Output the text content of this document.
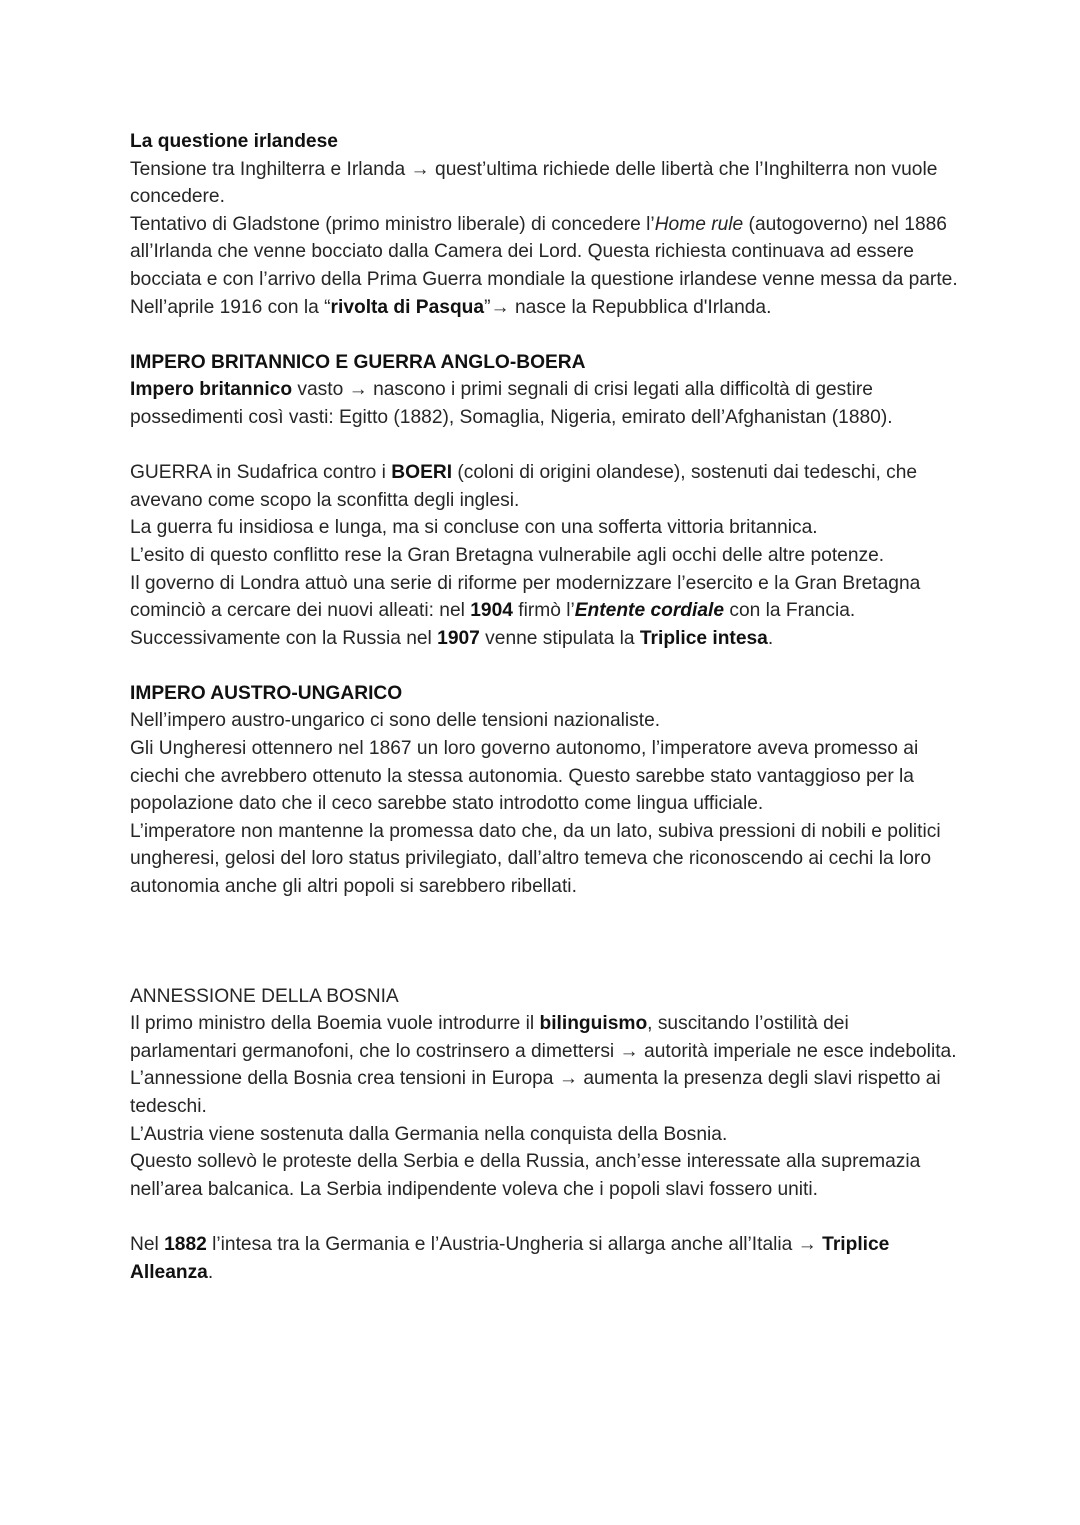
La questione irlandese

Tensione tra Inghilterra e Irlanda → quest’ultima richiede delle libertà che l’Inghilterra non vuole concedere.

Tentativo di Gladstone (primo ministro liberale) di concedere l’Home rule (autogoverno) nel 1886 all’Irlanda che venne bocciato dalla Camera dei Lord. Questa richiesta continuava ad essere bocciata e con l’arrivo della Prima Guerra mondiale la questione irlandese venne messa da parte.

Nell’aprile 1916 con la “rivolta di Pasqua”→ nasce la Repubblica d'Irlanda.

IMPERO BRITANNICO E GUERRA ANGLO-BOERA

Impero britannico vasto → nascono i primi segnali di crisi legati alla difficoltà di gestire possedimenti così vasti: Egitto (1882), Somaglia, Nigeria, emirato dell’Afghanistan (1880).

GUERRA in Sudafrica contro i BOERI (coloni di origini olandese), sostenuti dai tedeschi, che avevano come scopo la sconfitta degli inglesi.

La guerra fu insidiosa e lunga, ma si concluse con una sofferta vittoria britannica.

L’esito di questo conflitto rese la Gran Bretagna vulnerabile agli occhi delle altre potenze.

Il governo di Londra attuò una serie di riforme per modernizzare l’esercito e la Gran Bretagna cominciò a cercare dei nuovi alleati: nel 1904 firmò l’Entente cordiale con la Francia.

Successivamente con la Russia nel 1907 venne stipulata la Triplice intesa.

IMPERO AUSTRO-UNGARICO

Nell’impero austro-ungarico ci sono delle tensioni nazionaliste.

Gli Ungheresi ottennero nel 1867 un loro governo autonomo, l’imperatore aveva promesso ai ciechi che avrebbero ottenuto la stessa autonomia. Questo sarebbe stato vantaggioso per la popolazione dato che il ceco sarebbe stato introdotto come lingua ufficiale.

L’imperatore non mantenne la promessa dato che, da un lato, subiva pressioni di nobili e politici ungheresi, gelosi del loro status privilegiato, dall’altro temeva che riconoscendo ai cechi la loro autonomia anche gli altri popoli si sarebbero ribellati.

ANNESSIONE DELLA BOSNIA

Il primo ministro della Boemia vuole introdurre il bilinguismo, suscitando l’ostilità dei parlamentari germanofoni, che lo costrinsero a dimettersi → autorità imperiale ne esce indebolita.

L’annessione della Bosnia crea tensioni in Europa → aumenta la presenza degli slavi rispetto ai tedeschi.

L’Austria viene sostenuta dalla Germania nella conquista della Bosnia.

Questo sollevò le proteste della Serbia e della Russia, anch’esse interessate alla supremazia nell’area balcanica. La Serbia indipendente voleva che i popoli slavi fossero uniti.

Nel 1882 l’intesa tra la Germania e l’Austria-Ungheria si allarga anche all’Italia → Triplice Alleanza.
